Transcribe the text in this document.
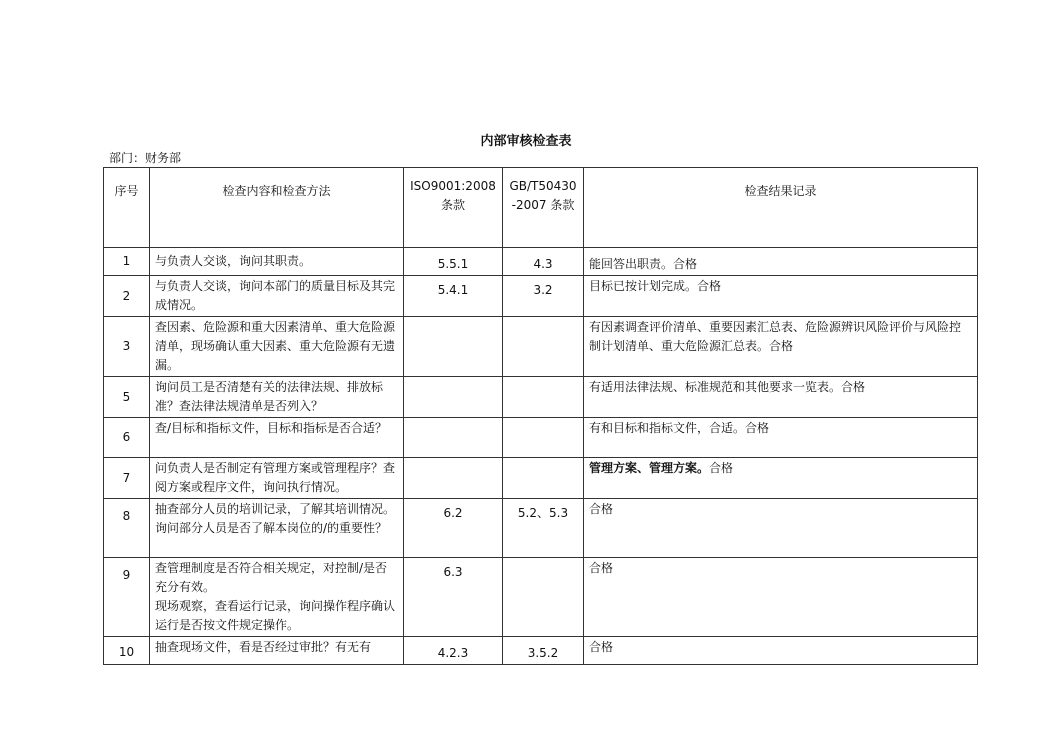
内部审核检查表
部门：财务部
序号	检查内容和检查方法	ISO9001:2008 条款	GB/T50430-2007 条款	检查结果记录
1	与负责人交谈，询问其职责。	5.5.1	4.3	能回答出职责。合格
2	与负责人交谈，询问本部门的质量目标及其完成情况。	5.4.1	3.2	目标已按计划完成。合格
3	查因素、危险源和重大因素清单、重大危险源清单，现场确认重大因素、重大危险源有无遗漏。			有因素调查评价清单、重要因素汇总表、危险源辨识风险评价与风险控制计划清单、重大危险源汇总表。合格
5	询问员工是否清楚有关的法律法规、排放标准？查法律法规清单是否列入？			有适用法律法规、标准规范和其他要求一览表。合格
6	查/目标和指标文件，目标和指标是否合适？			有和目标和指标文件，合适。合格
7	问负责人是否制定有管理方案或管理程序？查阅方案或程序文件，询问执行情况。			管理方案、管理方案。合格
8	抽查部分人员的培训记录，了解其培训情况。询问部分人员是否了解本岗位的/的重要性？	6.2	5.2、5.3	合格
9	查管理制度是否符合相关规定，对控制/是否充分有效。
现场观察，查看运行记录，询问操作程序确认运行是否按文件规定操作。	6.3		合格
10	抽查现场文件，看是否经过审批？有无有	4.2.3	3.5.2	合格
